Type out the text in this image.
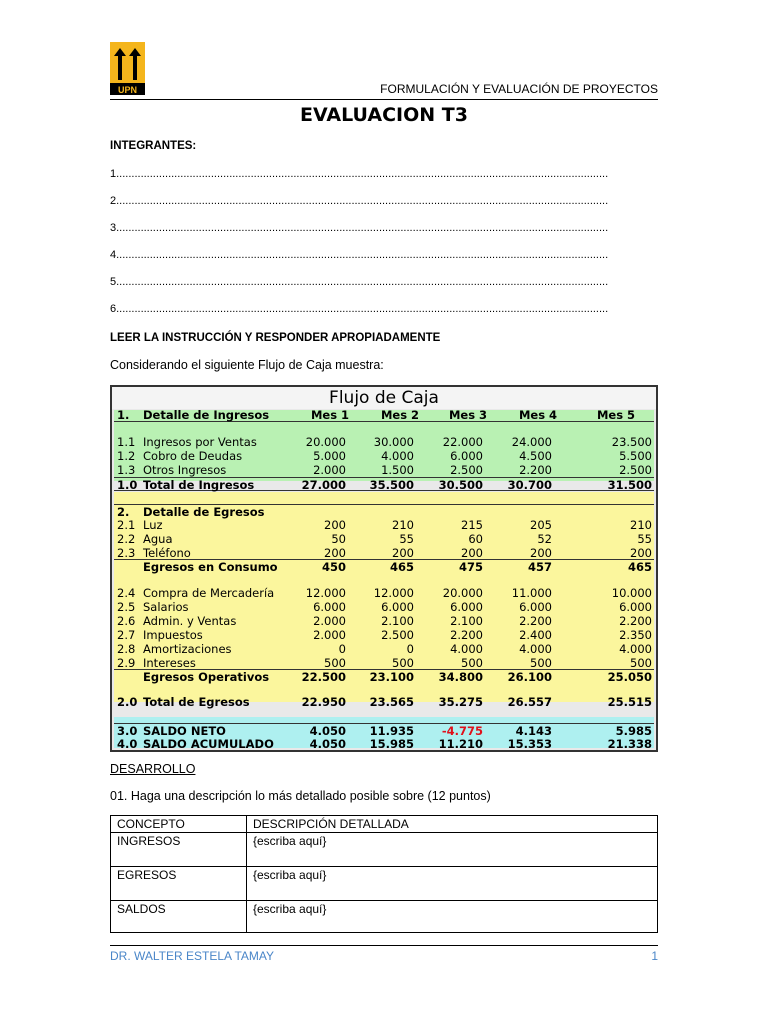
UPN	FORMULACIÓN Y EVALUACIÓN DE PROYECTOS
EVALUACION T3
INTEGRANTES:
1.................................................................................................................................................................
2.................................................................................................................................................................
3.................................................................................................................................................................
4.................................................................................................................................................................
5.................................................................................................................................................................
6.................................................................................................................................................................
LEER LA INSTRUCCIÓN Y RESPONDER APROPIADAMENTE
Considerando el siguiente Flujo de Caja muestra:
Flujo de Caja
1.	Detalle de Ingresos	Mes 1	Mes 2	Mes 3	Mes 4	Mes 5
1.1 Ingresos por Ventas	20.000	30.000	22.000	24.000	23.500
1.2 Cobro de Deudas	5.000	4.000	6.000	4.500	5.500
1.3 Otros Ingresos	2.000	1.500	2.500	2.200	2.500
1.0 Total de Ingresos	27.000	35.500	30.500	30.700	31.500
2.	Detalle de Egresos
2.1 Luz	200	210	215	205	210
2.2 Agua	50	55	60	52	55
2.3 Teléfono	200	200	200	200	200
Egresos en Consumo	450	465	475	457	465
2.4 Compra de Mercadería	12.000	12.000	20.000	11.000	10.000
2.5 Salarios	6.000	6.000	6.000	6.000	6.000
2.6 Admin. y Ventas	2.000	2.100	2.100	2.200	2.200
2.7 Impuestos	2.000	2.500	2.200	2.400	2.350
2.8 Amortizaciones	0	0	4.000	4.000	4.000
2.9 Intereses	500	500	500	500	500
Egresos Operativos	22.500	23.100	34.800	26.100	25.050
2.0 Total de Egresos	22.950	23.565	35.275	26.557	25.515
3.0 SALDO NETO	4.050	11.935	-4.775	4.143	5.985
4.0 SALDO ACUMULADO	4.050	15.985	11.210	15.353	21.338
DESARROLLO
01. Haga una descripción lo más detallado posible sobre (12 puntos)
CONCEPTO	DESCRIPCIÓN DETALLADA
INGRESOS	{escriba aquí}
EGRESOS	{escriba aquí}
SALDOS	{escriba aquí}
DR. WALTER ESTELA TAMAY	1
